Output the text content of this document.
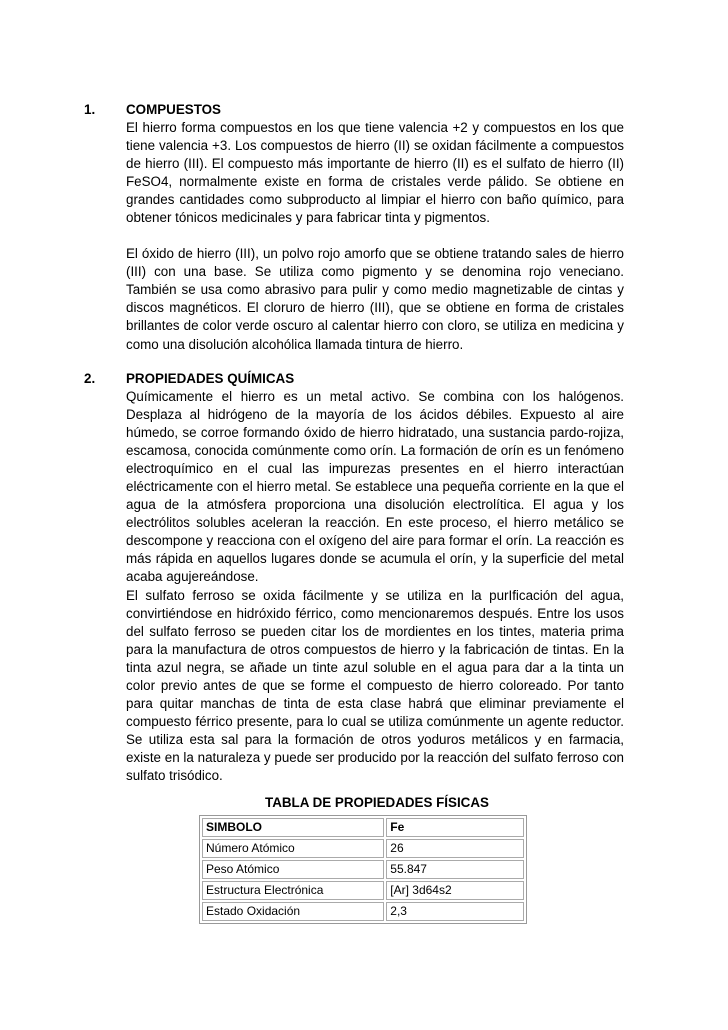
1. COMPUESTOS

El hierro forma compuestos en los que tiene valencia +2 y compuestos en los que tiene valencia +3. Los compuestos de hierro (II) se oxidan fácilmente a compuestos de hierro (III). El compuesto más importante de hierro (II) es el sulfato de hierro (II) FeSO4, normalmente existe en forma de cristales verde pálido. Se obtiene en grandes cantidades como subproducto al limpiar el hierro con baño químico, para obtener tónicos medicinales y para fabricar tinta y pigmentos.

El óxido de hierro (III), un polvo rojo amorfo que se obtiene tratando sales de hierro (III) con una base. Se utiliza como pigmento y se denomina rojo veneciano. También se usa como abrasivo para pulir y como medio magnetizable de cintas y discos magnéticos. El cloruro de hierro (III), que se obtiene en forma de cristales brillantes de color verde oscuro al calentar hierro con cloro, se utiliza en medicina y como una disolución alcohólica llamada tintura de hierro.

2. PROPIEDADES QUÍMICAS

Químicamente el hierro es un metal activo. Se combina con los halógenos. Desplaza al hidrógeno de la mayoría de los ácidos débiles. Expuesto al aire húmedo, se corroe formando óxido de hierro hidratado, una sustancia pardo-rojiza, escamosa, conocida comúnmente como orín. La formación de orín es un fenómeno electroquímico en el cual las impurezas presentes en el hierro interactúan eléctricamente con el hierro metal. Se establece una pequeña corriente en la que el agua de la atmósfera proporciona una disolución electrolítica. El agua y los electrólitos solubles aceleran la reacción. En este proceso, el hierro metálico se descompone y reacciona con el oxígeno del aire para formar el orín. La reacción es más rápida en aquellos lugares donde se acumula el orín, y la superficie del metal acaba agujereándose.

El sulfato ferroso se oxida fácilmente y se utiliza en la purIficación del agua, convirtiéndose en hidróxido férrico, como mencionaremos después. Entre los usos del sulfato ferroso se pueden citar los de mordientes en los tintes, materia prima para la manufactura de otros compuestos de hierro y la fabricación de tintas. En la tinta azul negra, se añade un tinte azul soluble en el agua para dar a la tinta un color previo antes de que se forme el compuesto de hierro coloreado. Por tanto para quitar manchas de tinta de esta clase habrá que eliminar previamente el compuesto férrico presente, para lo cual se utiliza comúnmente un agente reductor. Se utiliza esta sal para la formación de otros yoduros metálicos y en farmacia, existe en la naturaleza y puede ser producido por la reacción del sulfato ferroso con sulfato trisódico.

TABLA DE PROPIEDADES FÍSICAS
SIMBOLO	Fe
Número Atómico	26
Peso Atómico	55.847
Estructura Electrónica	[Ar] 3d64s2
Estado Oxidación	2,3
